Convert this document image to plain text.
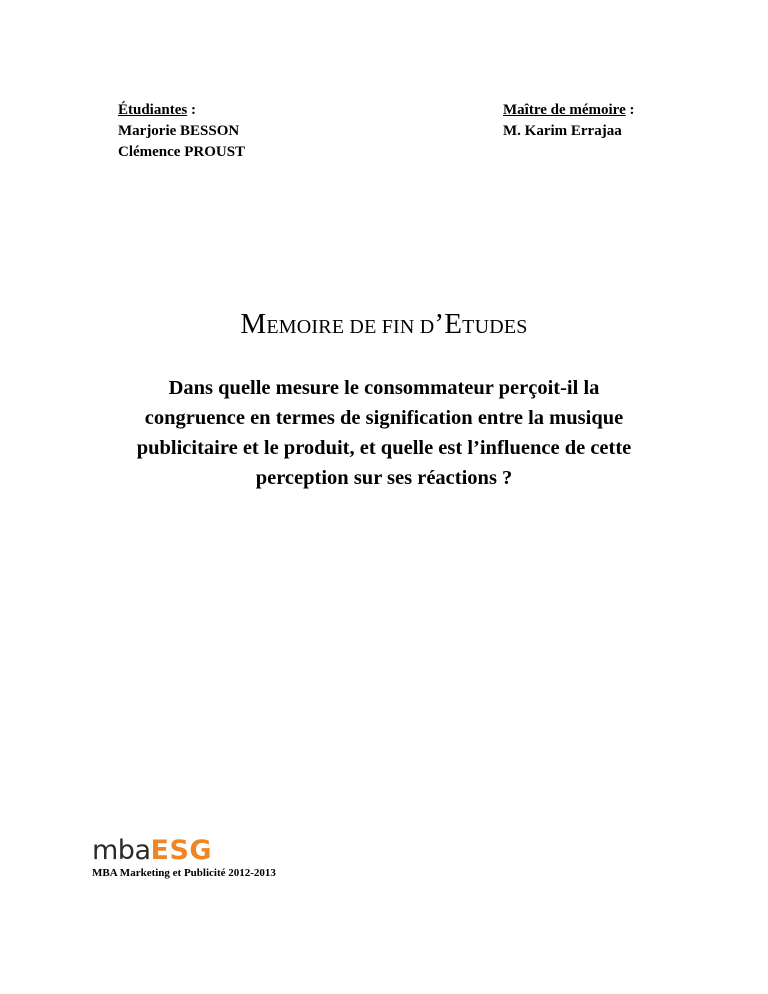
Étudiantes :
Marjorie BESSON
Clémence PROUST
Maître de mémoire :
M. Karim Errajaa
MEMOIRE DE FIN D’ETUDES
Dans quelle mesure le consommateur perçoit-il la
congruence en termes de signification entre la musique
publicitaire et le produit, et quelle est l’influence de cette
perception sur ses réactions ?
mbaESG
MBA Marketing et Publicité 2012-2013
